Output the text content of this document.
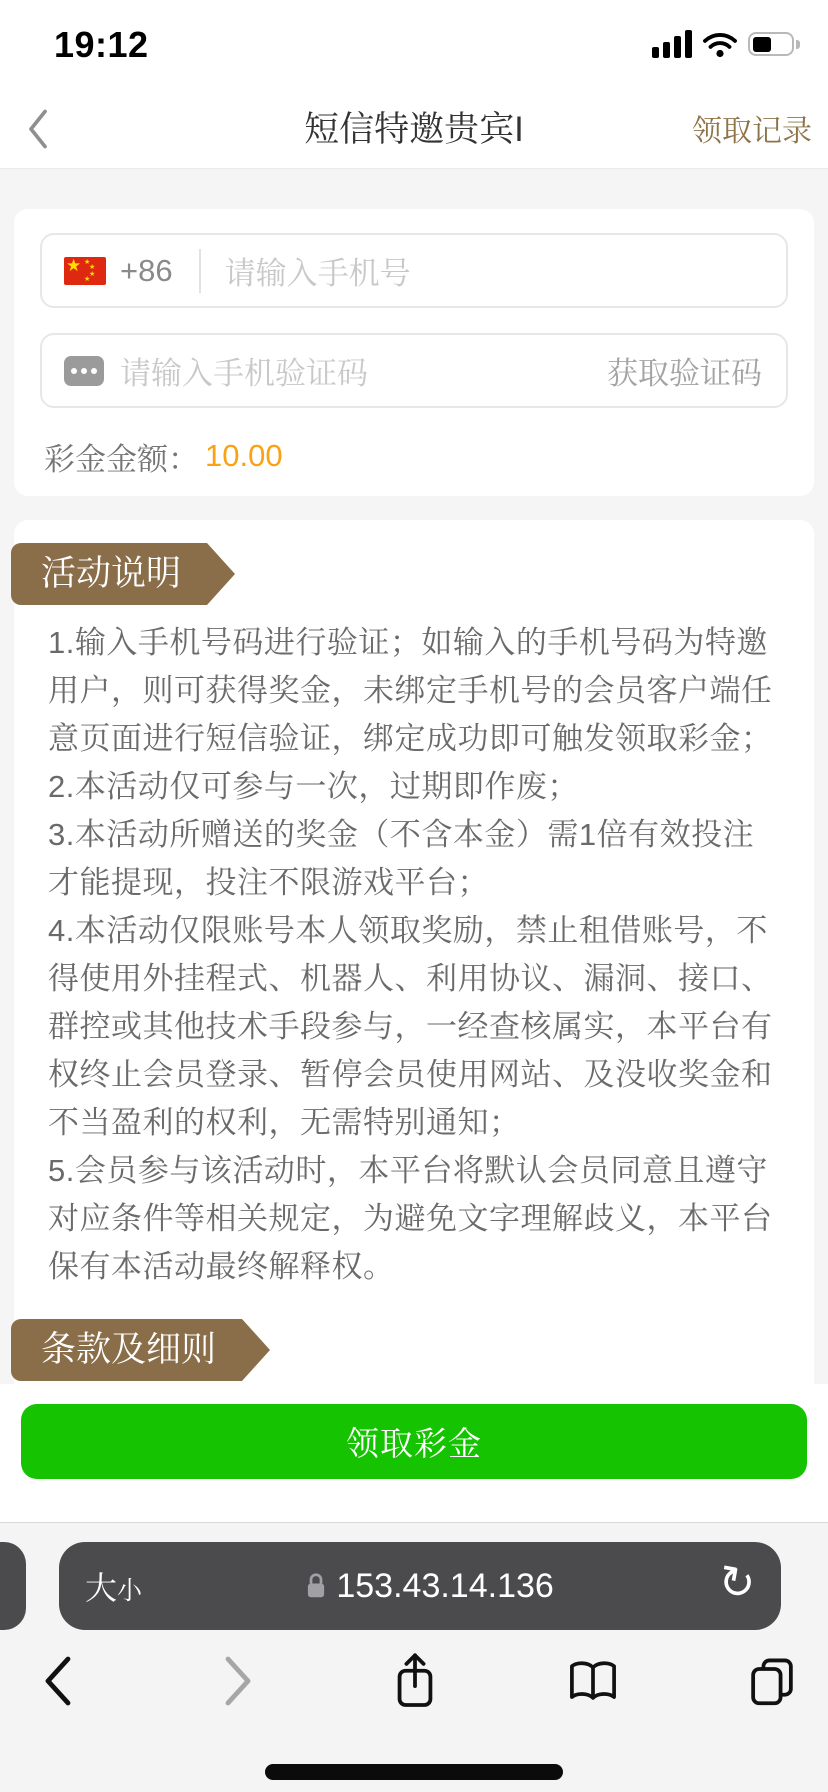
19:12
短信特邀贵宾I	领取记录
★ ★
★
★
★ +86 请输入手机号
请输入手机验证码	获取验证码
彩金金额： 10.00
活动说明

1.输入手机号码进行验证；如输入的手机号码为特邀用户，则可获得奖金，未绑定手机号的会员客户端任意页面进行短信验证，绑定成功即可触发领取彩金；

2.本活动仅可参与一次，过期即作废；

3.本活动所赠送的奖金（不含本金）需1倍有效投注才能提现，投注不限游戏平台；

4.本活动仅限账号本人领取奖励，禁止租借账号，不得使用外挂程式、机器人、利用协议、漏洞、接口、群控或其他技术手段参与，一经查核属实，本平台有权终止会员登录、暂停会员使用网站、及没收奖金和不当盈利的权利，无需特别通知；

5.会员参与该活动时，本平台将默认会员同意且遵守对应条件等相关规定，为避免文字理解歧义，本平台保有本活动最终解释权。

条款及细则
领取彩金
大小	153.43.14.136	↻
